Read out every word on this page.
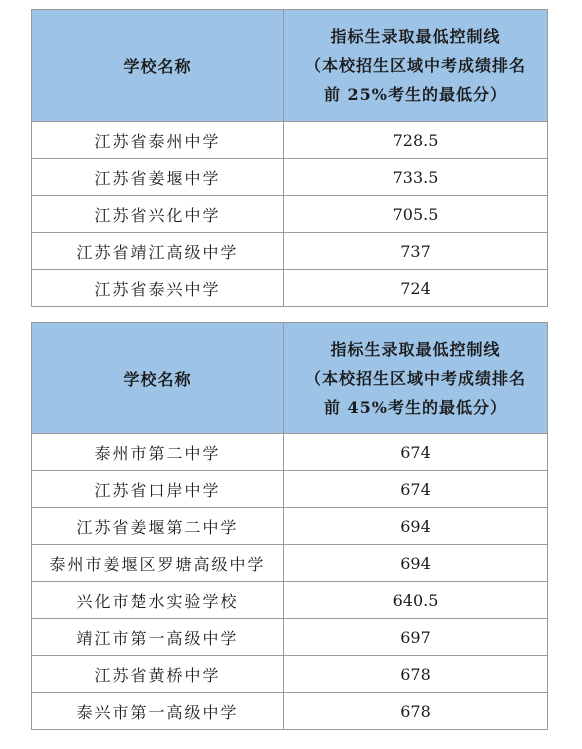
学校名称	指标生录取最低控制线
（本校招生区域中考成绩排名
前 25%考生的最低分）

江苏省泰州中学	728.5
江苏省姜堰中学	733.5
江苏省兴化中学	705.5
江苏省靖江高级中学	737
江苏省泰兴中学	724
学校名称	指标生录取最低控制线
（本校招生区域中考成绩排名
前 45%考生的最低分）

泰州市第二中学	674
江苏省口岸中学	674
江苏省姜堰第二中学	694
泰州市姜堰区罗塘高级中学	694
兴化市楚水实验学校	640.5
靖江市第一高级中学	697
江苏省黄桥中学	678
泰兴市第一高级中学	678
